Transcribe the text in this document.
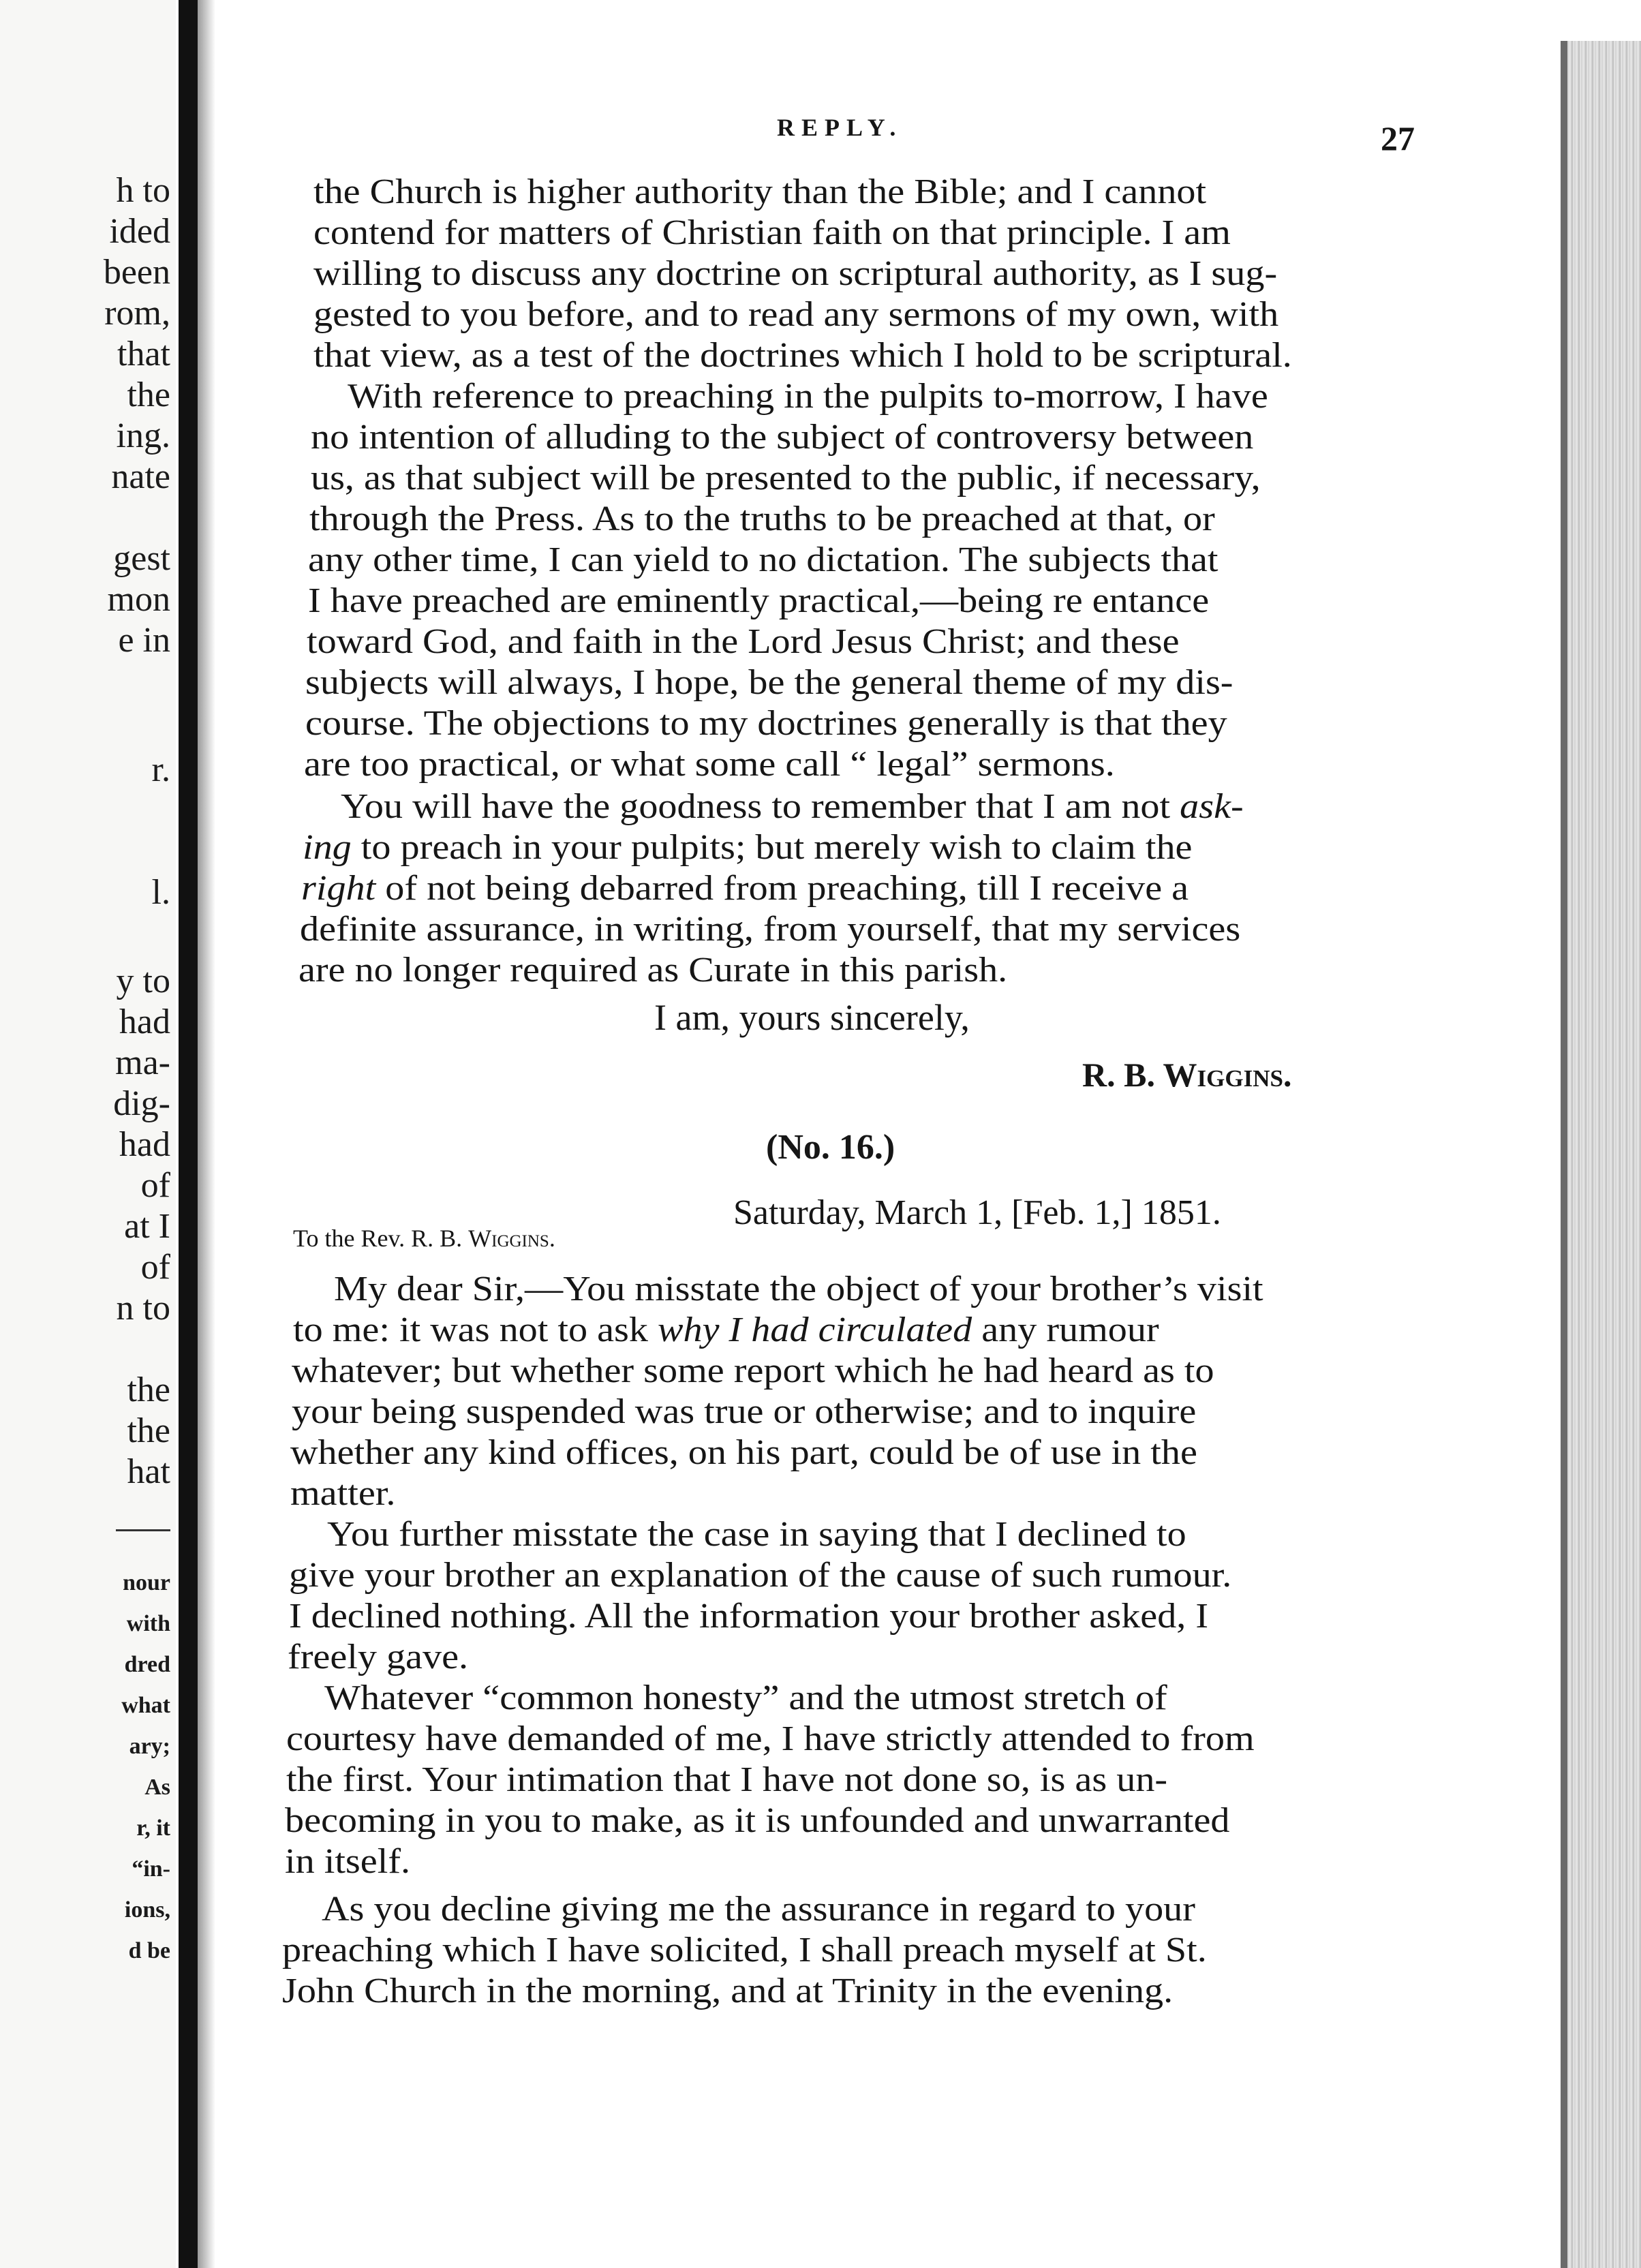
h to
ided
been
rom,
that
the
ing.
nate
gest
mon
e in
r.
l.
y to
had
ma-
dig-
had
of
at I
of
n to
the
the
hat
nour
with
dred
what
ary;
As
r, it
“in-
ions,
d be
REPLY.	27
the Church is higher authority than the Bible; and I cannot
contend for matters of Christian faith on that principle. I am
willing to discuss any doctrine on scriptural authority, as I sug-
gested to you before, and to read any sermons of my own, with
that view, as a test of the doctrines which I hold to be scriptural.
With reference to preaching in the pulpits to-morrow, I have
no intention of alluding to the subject of controversy between
us, as that subject will be presented to the public, if necessary,
through the Press. As to the truths to be preached at that, or
any other time, I can yield to no dictation. The subjects that
I have preached are eminently practical,—being re entance
toward God, and faith in the Lord Jesus Christ; and these
subjects will always, I hope, be the general theme of my dis-
course. The objections to my doctrines generally is that they
are too practical, or what some call “ legal” sermons.
You will have the goodness to remember that I am not ask-
ing to preach in your pulpits; but merely wish to claim the
right of not being debarred from preaching, till I receive a
definite assurance, in writing, from yourself, that my services
are no longer required as Curate in this parish.
I am, yours sincerely,
R. B. Wiggins.
(No. 16.)
Saturday, March 1, [Feb. 1,] 1851.
To the Rev. R. B. Wiggins.
My dear Sir,—You misstate the object of your brother’s visit
to me: it was not to ask why I had circulated any rumour
whatever; but whether some report which he had heard as to
your being suspended was true or otherwise; and to inquire
whether any kind offices, on his part, could be of use in the
matter.
You further misstate the case in saying that I declined to
give your brother an explanation of the cause of such rumour.
I declined nothing. All the information your brother asked, I
freely gave.
Whatever “common honesty” and the utmost stretch of
courtesy have demanded of me, I have strictly attended to from
the first. Your intimation that I have not done so, is as un-
becoming in you to make, as it is unfounded and unwarranted
in itself.
As you decline giving me the assurance in regard to your
preaching which I have solicited, I shall preach myself at St.
John Church in the morning, and at Trinity in the evening.
